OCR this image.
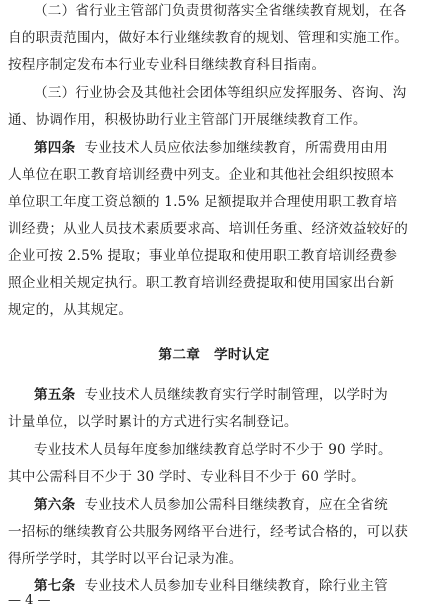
（二）省行业主管部门负责贯彻落实全省继续教育规划，在各
自的职责范围内，做好本行业继续教育的规划、管理和实施工作。
按程序制定发布本行业专业科目继续教育科目指南。
（三）行业协会及其他社会团体等组织应发挥服务、咨询、沟
通、协调作用，积极协助行业主管部门开展继续教育工作。
第四条 专业技术人员应依法参加继续教育，所需费用由用
人单位在职工教育培训经费中列支。企业和其他社会组织按照本
单位职工年度工资总额的 1.5% 足额提取并合理使用职工教育培
训经费；从业人员技术素质要求高、培训任务重、经济效益较好的
企业可按 2.5% 提取；事业单位提取和使用职工教育培训经费参
照企业相关规定执行。职工教育培训经费提取和使用国家出台新
规定的，从其规定。
第二章　学时认定
第五条 专业技术人员继续教育实行学时制管理，以学时为
计量单位，以学时累计的方式进行实名制登记。
专业技术人员每年度参加继续教育总学时不少于 90 学时。
其中公需科目不少于 30 学时、专业科目不少于 60 学时。
第六条 专业技术人员参加公需科目继续教育，应在全省统
一招标的继续教育公共服务网络平台进行，经考试合格的，可以获
得所学学时，其学时以平台记录为准。
第七条 专业技术人员参加专业科目继续教育，除行业主管
— 4 —
